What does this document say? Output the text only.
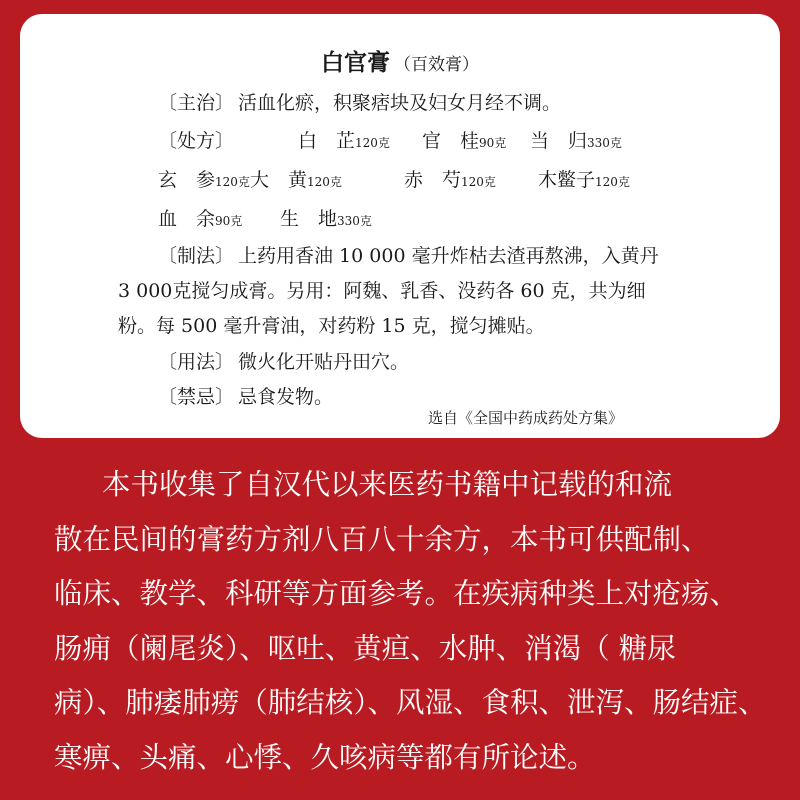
白官膏 （百效膏）
〔主治〕 活血化瘀，积聚痞块及妇女月经不调。
〔处方〕	白　芷120克 官　桂90克 当　归330克
玄　参120克 大　黄120克	赤　芍120克 木鳖子120克
血　余90克 生　地330克
〔制法〕 上药用香油 10 000 毫升炸枯去渣再熬沸，入黄丹
3 000克搅匀成膏。另用：阿魏、乳香、没药各 60 克，共为细
粉。每 500 毫升膏油，对药粉 15 克，搅匀摊贴。
〔用法〕 微火化开贴丹田穴。
〔禁忌〕 忌食发物。
选自《全国中药成药处方集》
本书收集了自汉代以来医药书籍中记载的和流
散在民间的膏药方剂八百八十余方，本书可供配制、
临床、教学、科研等方面参考。在疾病种类上对疮疡、
肠痈（阑尾炎）、呕吐、黄疸、水肿、消渴（ 糖尿
病）、肺痿肺痨（肺结核）、风湿、食积、泄泻、肠结症、
寒痹、头痛、心悸、久咳病等都有所论述。
